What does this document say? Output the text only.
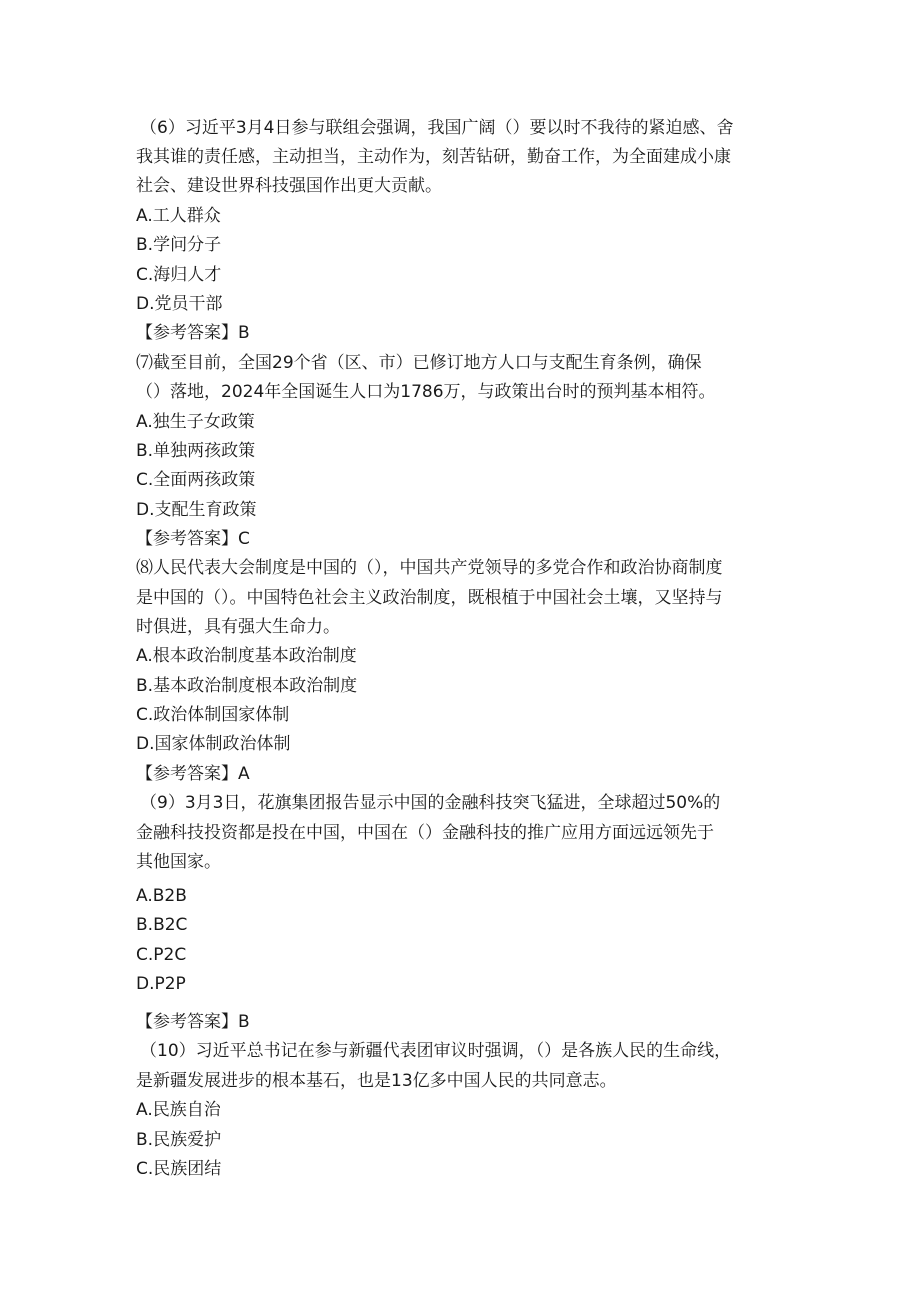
（6）习近平3月4日参与联组会强调，我国广阔（）要以时不我待的紧迫感、舍

我其谁的责任感，主动担当，主动作为，刻苦钻研，勤奋工作，为全面建成小康

社会、建设世界科技强国作出更大贡献。

A.工人群众

B.学问分子

C.海归人才

D.党员干部

【参考答案】B

⑺截至目前，全国29个省（区、市）已修订地方人口与支配生育条例，确保

（）落地，2024年全国诞生人口为1786万，与政策出台时的预判基本相符。

A.独生子女政策

B.单独两孩政策

C.全面两孩政策

D.支配生育政策

【参考答案】C

⑻人民代表大会制度是中国的（），中国共产党领导的多党合作和政治协商制度

是中国的（）。中国特色社会主义政治制度，既根植于中国社会土壤，又坚持与

时俱进，具有强大生命力。

A.根本政治制度基本政治制度

B.基本政治制度根本政治制度

C.政治体制国家体制

D.国家体制政治体制

【参考答案】A

（9）3月3日，花旗集团报告显示中国的金融科技突飞猛进，全球超过50%的

金融科技投资都是投在中国，中国在（）金融科技的推广应用方面远远领先于

其他国家。

A.B2B

B.B2C

C.P2C

D.P2P

【参考答案】B

（10）习近平总书记在参与新疆代表团审议时强调，（）是各族人民的生命线，

是新疆发展进步的根本基石，也是13亿多中国人民的共同意志。

A.民族自治

B.民族爱护

C.民族团结
